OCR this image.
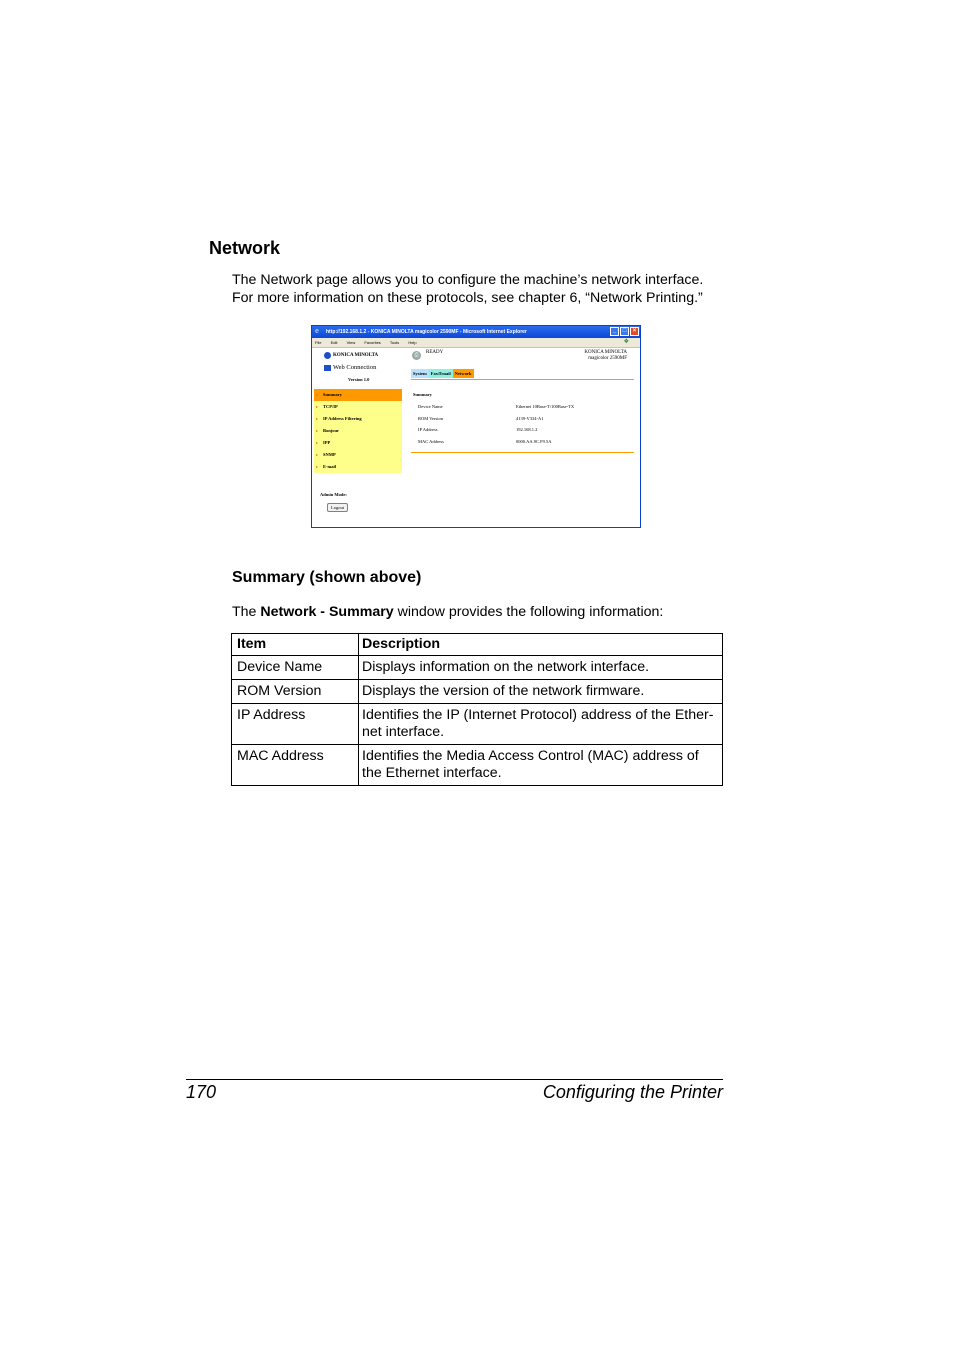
Network
The Network page allows you to configure the machine’s network interface.
For more information on these protocols, see chapter 6, “Network Printing.”
e	http://192.168.1.2 - KONICA MINOLTA magicolor 2590MF - Microsoft Internet Explorer	_	□	×
File Edit View Favorites Tools Help	❖
KONICA MINOLTA
Web Connection
Version 1.0
▸ Summary
▸ TCP/IP
▸ IP Address Filtering
▸ Bonjour
▸ IPP
▸ SNMP
▸ E-mail
Admin Mode:
Logout
⎙
READY	KONICA MINOLTA
magicolor 2590MF
System Fax/Email Network
Summary
Device Name	Ethernet 10Base-T/100Base-TX
ROM Version	4139-V334-A1
IP Address	192.168.1.2
MAC Address	0000.AA.9C.F9.5A
Summary (shown above)
The Network - Summary window provides the following information:
Item	Description
Device Name	Displays information on the network interface.
ROM Version	Displays the version of the network firmware.
IP Address	Identifies the IP (Internet Protocol) address of the Ether-net interface.
MAC Address	Identifies the Media Access Control (MAC) address of the Ethernet interface.
170	Configuring the Printer
